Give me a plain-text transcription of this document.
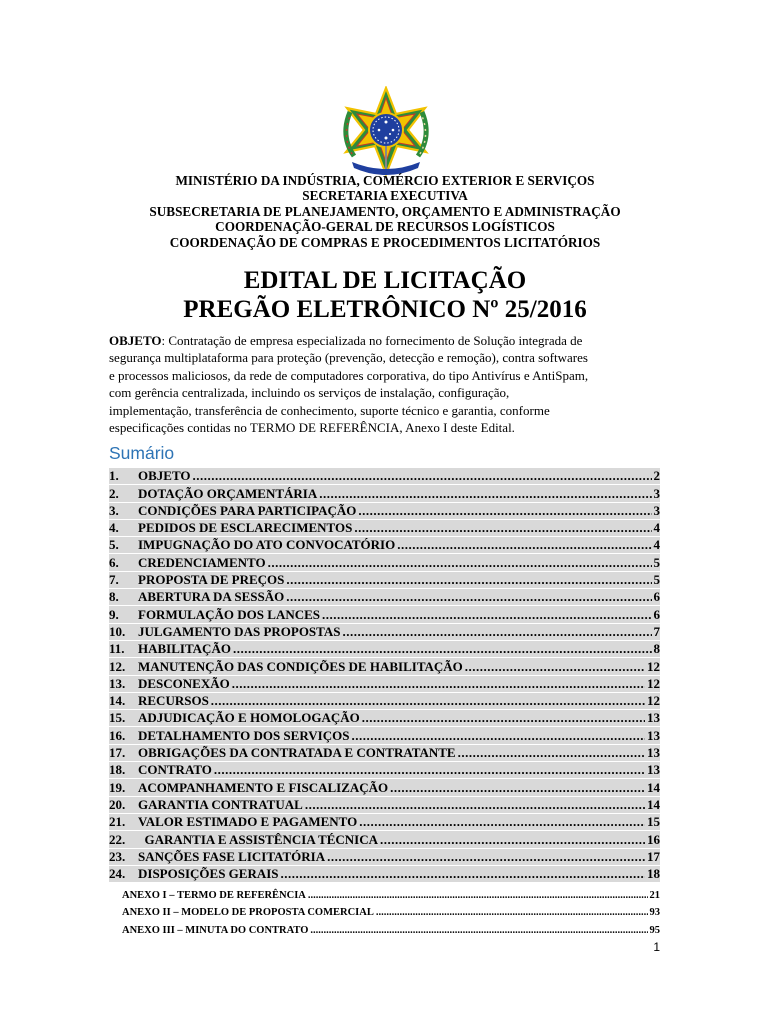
MINISTÉRIO DA INDÚSTRIA, COMÉRCIO EXTERIOR E SERVIÇOS
SECRETARIA EXECUTIVA
SUBSECRETARIA DE PLANEJAMENTO, ORÇAMENTO E ADMINISTRAÇÃO
COORDENAÇÃO-GERAL DE RECURSOS LOGÍSTICOS
COORDENAÇÃO DE COMPRAS E PROCEDIMENTOS LICITATÓRIOS
EDITAL DE LICITAÇÃO
PREGÃO ELETRÔNICO Nº 25/2016
OBJETO: Contratação de empresa especializada no fornecimento de Solução integrada de
segurança multiplataforma para proteção (prevenção, detecção e remoção), contra softwares
e processos maliciosos, da rede de computadores corporativa, do tipo Antivírus e AntiSpam,
com gerência centralizada, incluindo os serviços de instalação, configuração,
implementação, transferência de conhecimento, suporte técnico e garantia, conforme
especificações contidas no TERMO DE REFERÊNCIA, Anexo I deste Edital.
Sumário
1.	OBJETO .....	2
2.	DOTAÇÃO ORÇAMENTÁRIA .....	3
3.	CONDIÇÕES PARA PARTICIPAÇÃO .....	3
4.	PEDIDOS DE ESCLARECIMENTOS .....	4
5.	IMPUGNAÇÃO DO ATO CONVOCATÓRIO .....	4
6.	CREDENCIAMENTO .....	5
7.	PROPOSTA DE PREÇOS .....	5
8.	ABERTURA DA SESSÃO .....	6
9.	FORMULAÇÃO DOS LANCES .....	6
10. JULGAMENTO DAS PROPOSTAS .....	7
11.	HABILITAÇÃO .....	8
12. MANUTENÇÃO DAS CONDIÇÕES DE HABILITAÇÃO .....	12
13. DESCONEXÃO .....	12
14. RECURSOS .....	12
15. ADJUDICAÇÃO E HOMOLOGAÇÃO .....	13
16. DETALHAMENTO DOS SERVIÇOS .....	13
17. OBRIGAÇÕES DA CONTRATADA E CONTRATANTE .....	13
18. CONTRATO .....	13
19. ACOMPANHAMENTO E FISCALIZAÇÃO .....	14
20. GARANTIA CONTRATUAL .....	14
21. VALOR ESTIMADO E PAGAMENTO .....	15
22. GARANTIA E ASSISTÊNCIA TÉCNICA .....	16
23. SANÇÕES FASE LICITATÓRIA .....	17
24. DISPOSIÇÕES GERAIS .....	18
ANEXO I – TERMO DE REFERÊNCIA .....	21
ANEXO II – MODELO DE PROPOSTA COMERCIAL .....	93
ANEXO III – MINUTA DO CONTRATO .....	95
1
